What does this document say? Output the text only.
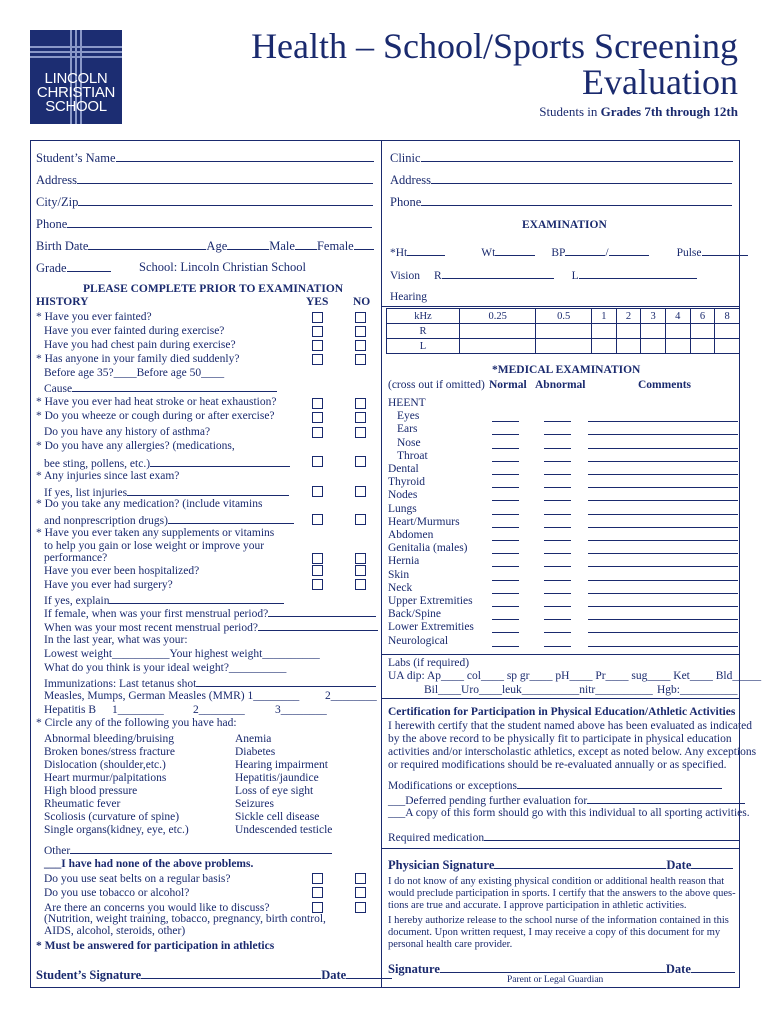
LINCOLN
CHRISTIAN
SCHOOL
Health – School/Sports Screening
Evaluation
Students in Grades 7th through 12th
Student’s Name
Address
City/Zip
Phone
Birth Date	Age	Male Female
Grade	School: Lincoln Christian School
PLEASE COMPLETE PRIOR TO EXAMINATION
HISTORY	YES NO
* Have you ever fainted?
Have you ever fainted during exercise?
Have you had chest pain during exercise?
* Has anyone in your family died suddenly?
Before age 35?____Before age 50____
Cause
* Have you ever had heat stroke or heat exhaustion?
* Do you wheeze or cough during or after exercise?
Do you have any history of asthma?
* Do you have any allergies? (medications,
bee sting, pollens, etc.)
* Any injuries since last exam?
If yes, list injuries
* Do you take any medication? (include vitamins
and nonprescription drugs)
* Have you ever taken any supplements or vitamins
to help you gain or lose weight or improve your
performance?
Have you ever been hospitalized?
Have you ever had surgery?
If yes, explain
If female, when was your first menstrual period?
When was your most recent menstrual period?
In the last year, what was your:
Lowest weight__________Your highest weight__________
What do you think is your ideal weight?__________
Immunizations: Last tetanus shot
Measles, Mumps, German Measles (MMR) 1________ 2________
Hepatitis B 1________	2________	3________
* Circle any of the following you have had:
Other
___I have had none of the above problems.
Do you use seat belts on a regular basis?
Do you use tobacco or alcohol?
Are there an concerns you would like to discuss?
(Nutrition, weight training, tobacco, pregnancy, birth control,
AIDS, alcohol, steroids, other)
* Must be answered for participation in athletics
Student’s Signature	Date
Clinic
Address
Phone
EXAMINATION
*Ht	Wt	BP	/	Pulse
Vision R	L
Hearing
kHz	0.25	0.5	1	2	3	4	6	8
R								
L								
*MEDICAL EXAMINATION
(cross out if omitted) Normal Abnormal	Comments
Labs (if required)
UA dip: Ap____ col____ sp gr____ pH____ Pr____ sug____ Ket____ Bld_____
Bil____Uro____leuk__________nitr__________ Hgb:__________
Certification for Participation in Physical Education/Athletic Activities
I herewith certify that the student named above has been evaluated as indicated
by the above record to be physically fit to participate in physical education
activities and/or interscholastic athletics, except as noted below. Any exceptions
or required modifications should be re-evaluated annually or as specified.
Modifications or exceptions
___Deferred pending further evaluation for
___A copy of this form should go with this individual to all sporting activities.
Required medication
Physician Signature	Date
I do not know of any existing physical condition or additional health reason that
would preclude participation in sports. I certify that the answers to the above ques-
tions are true and accurate. I approve participation in athletic activities.
I hereby authorize release to the school nurse of the information contained in this
document. Upon written request, I may receive a copy of this document for my
personal health care provider.
Signature	Date
Parent or Legal Guardian
Abnormal bleeding/bruising	Anemia
Broken bones/stress fracture	Diabetes
Dislocation (shoulder,etc.)	Hearing impairment
Heart murmur/palpitations	Hepatitis/jaundice
High blood pressure	Loss of eye sight
Rheumatic fever	Seizures
Scoliosis (curvature of spine)	Sickle cell disease
Single organs(kidney, eye, etc.)	Undescended testicle
HEENT
Eyes
Ears
Nose
Throat
Dental
Thyroid
Nodes
Lungs
Heart/Murmurs
Abdomen
Genitalia (males)
Hernia
Skin
Neck
Upper Extremities
Back/Spine
Lower Extremities
Neurological
